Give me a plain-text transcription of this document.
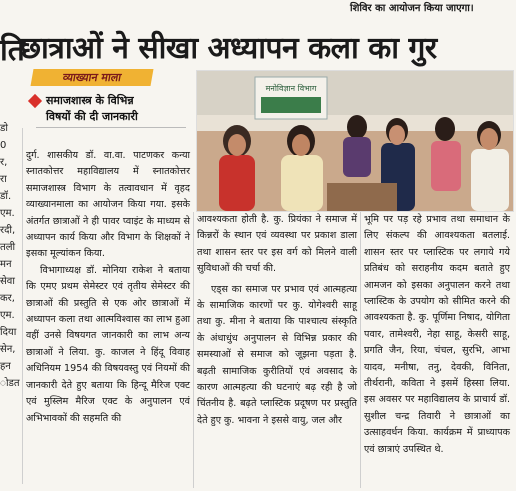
शिविर का आयोजन किया जाएगा।
ति
छात्राओं ने सीखा अध्यापन कला का गुर
व्याख्यान माला
समाजशास्त्र के विभिन्न
विषयों की दी जानकारी
मनोविज्ञान विभाग
डो
0
र,
रा
डॉ.
एम.
रदी,
तली
मन
सेवा
कर,
एम.
दिया
सेन,
हन
ोडत

दुर्ग. शासकीय डॉ. वा.वा. पाटणकर कन्या स्नातकोत्तर महाविद्यालय में स्नातकोत्तर समाजशास्त्र विभाग के तत्वावधान में वृहद व्याख्यानमाला का आयोजन किया गया. इसके अंतर्गत छात्राओं ने ही पावर प्वाइंट के माध्यम से अध्यापन कार्य किया और विभाग के शिक्षकों ने इसका मूल्यांकन किया.

विभागाध्यक्ष डॉ. मोनिया राकेश ने बताया कि एमए प्रथम सेमेस्टर एवं तृतीय सेमेस्टर की छात्राओं की प्रस्तुति से एक ओर छात्राओं में अध्यापन कला तथा आत्मविश्वास का लाभ हुआ वहीं उनसे विषयगत जानकारी का लाभ अन्य छात्राओं ने लिया. कु. काजल ने हिंदू विवाह अधिनियम 1954 की विषयवस्तु एवं नियमों की जानकारी देते हुए बताया कि हिन्दू मैरिज एक्ट एवं मुस्लिम मैरिज एक्ट के अनुपालन एवं अभिभावकों की सहमति की

आवश्यकता होती है. कु. प्रियंका ने समाज में किन्नरों के स्थान एवं व्यवस्था पर प्रकाश डाला तथा शासन स्तर पर इस वर्ग को मिलने वाली सुविधाओं की चर्चा की.

एड्स का समाज पर प्रभाव एवं आत्महत्या के सामाजिक कारणों पर कु. योगेश्वरी साहू तथा कु. मीना ने बताया कि पाश्चात्य संस्कृति के अंधाधुंध अनुपालन से विभिन्न प्रकार की समस्याओं से समाज को जूझना पड़ता है. बढ़ती सामाजिक कुरीतियों एवं अवसाद के कारण आत्महत्या की घटनाएं बढ़ रही है जो चिंतनीय है. बढ़ते प्लास्टिक प्रदूषण पर प्रस्तुति देते हुए कु. भावना ने इससे वायु, जल और

भूमि पर पड़ रहे प्रभाव तथा समाधान के लिए संकल्प की आवश्यकता बतलाई. शासन स्तर पर प्लास्टिक पर लगाये गये प्रतिबंध को सराहनीय कदम बताते हुए आमजन को इसका अनुपालन करने तथा प्लास्टिक के उपयोग को सीमित करने की आवश्यकता है. कु. पूर्णिमा निषाद, योगिता पवार, तामेश्वरी, नेहा साहू, केसरी साहू, प्रगति जैन, रिया, चंचल, सुरभि, आभा यादव, मनीषा, तनु, देवकी, विनिता, तीर्थरानी, कविता ने इसमें हिस्सा लिया. इस अवसर पर महाविद्यालय के प्राचार्य डॉ. सुशील चन्द्र तिवारी ने छात्राओं का उत्साहवर्धन किया. कार्यक्रम में प्राध्यापक एवं छात्राएं उपस्थित थे.
